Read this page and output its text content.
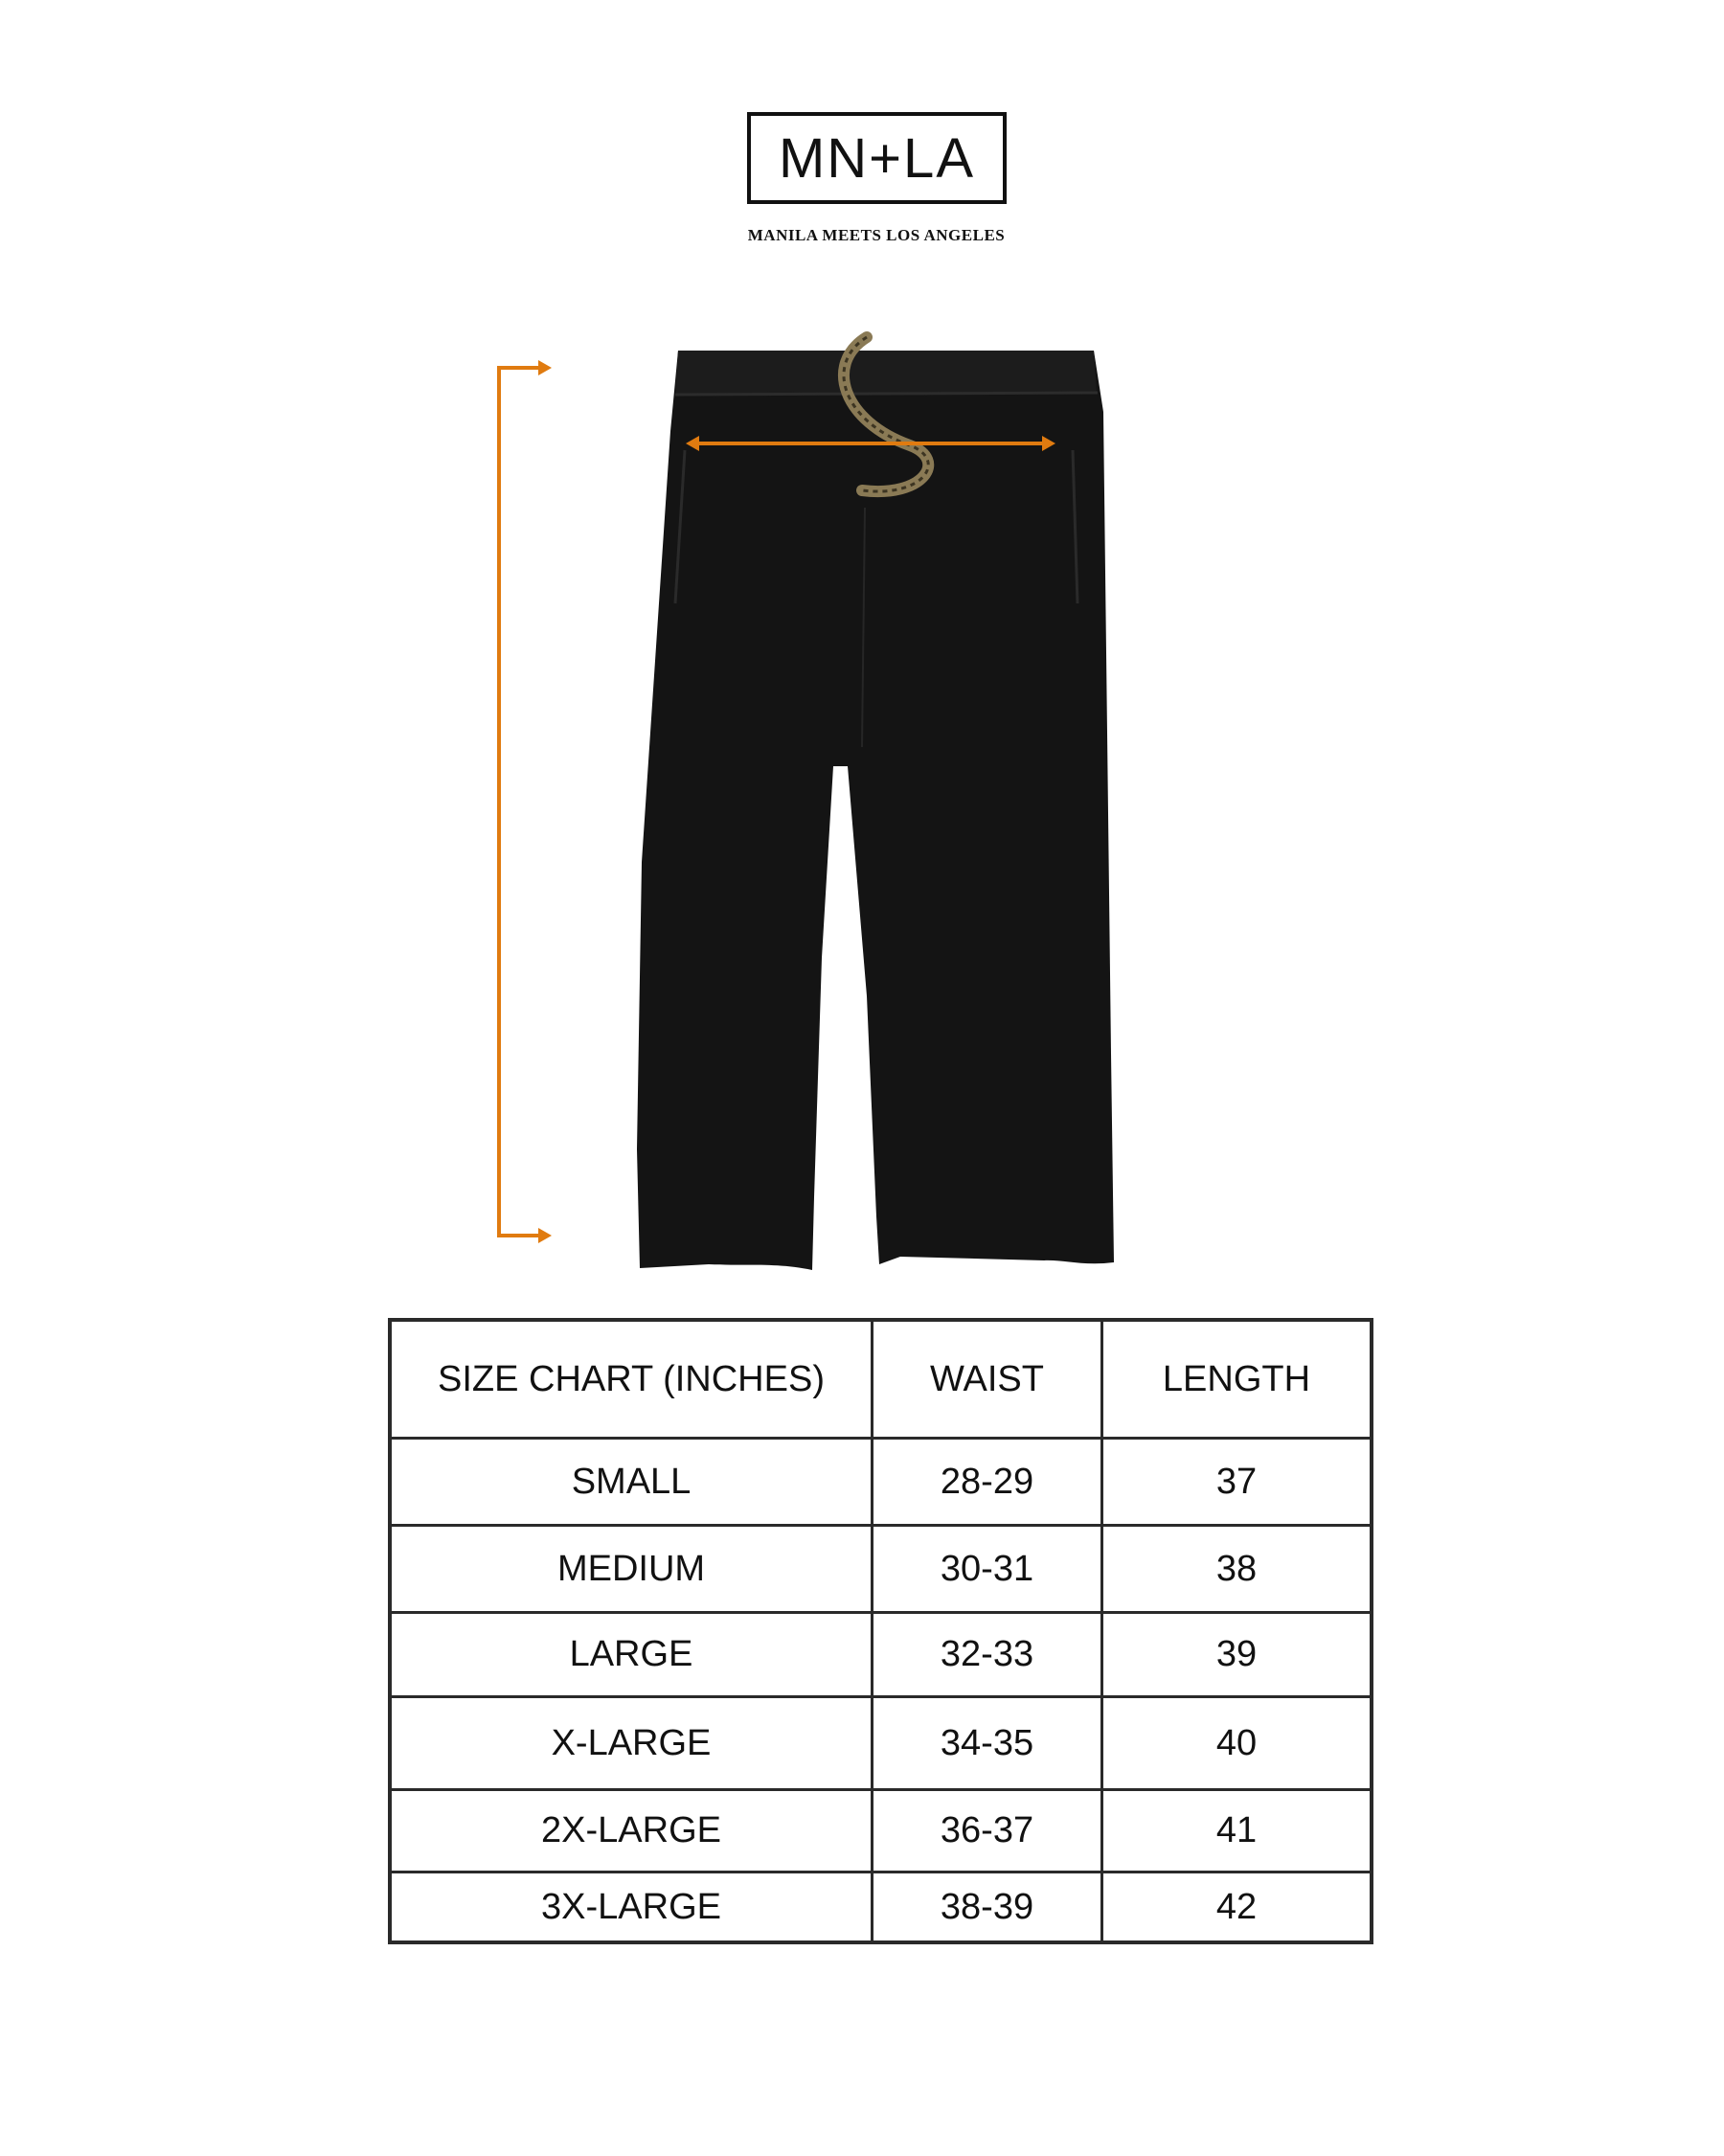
MN+LA
MANILA MEETS LOS ANGELES
SIZE CHART (INCHES)	WAIST	LENGTH
SMALL	28-29	37
MEDIUM	30-31	38
LARGE	32-33	39
X-LARGE	34-35	40
2X-LARGE	36-37	41
3X-LARGE	38-39	42
